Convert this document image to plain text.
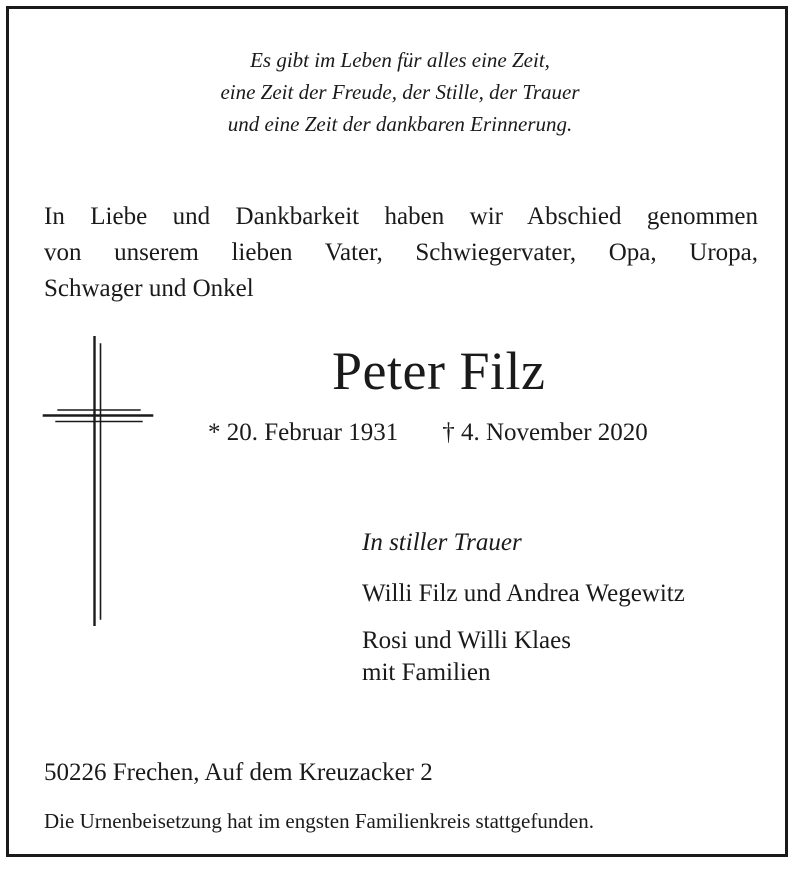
Es gibt im Leben für alles eine Zeit,
eine Zeit der Freude, der Stille, der Trauer
und eine Zeit der dankbaren Erinnerung.
In Liebe und Dankbarkeit haben wir Abschied genommen
von unserem lieben Vater, Schwiegervater, Opa, Uropa,
Schwager und Onkel
Peter Filz
* 20. Februar 1931 † 4. November 2020
In stiller Trauer
Willi Filz und Andrea Wegewitz
Rosi und Willi Klaes
mit Familien
50226 Frechen, Auf dem Kreuzacker 2
Die Urnenbeisetzung hat im engsten Familienkreis stattgefunden.
